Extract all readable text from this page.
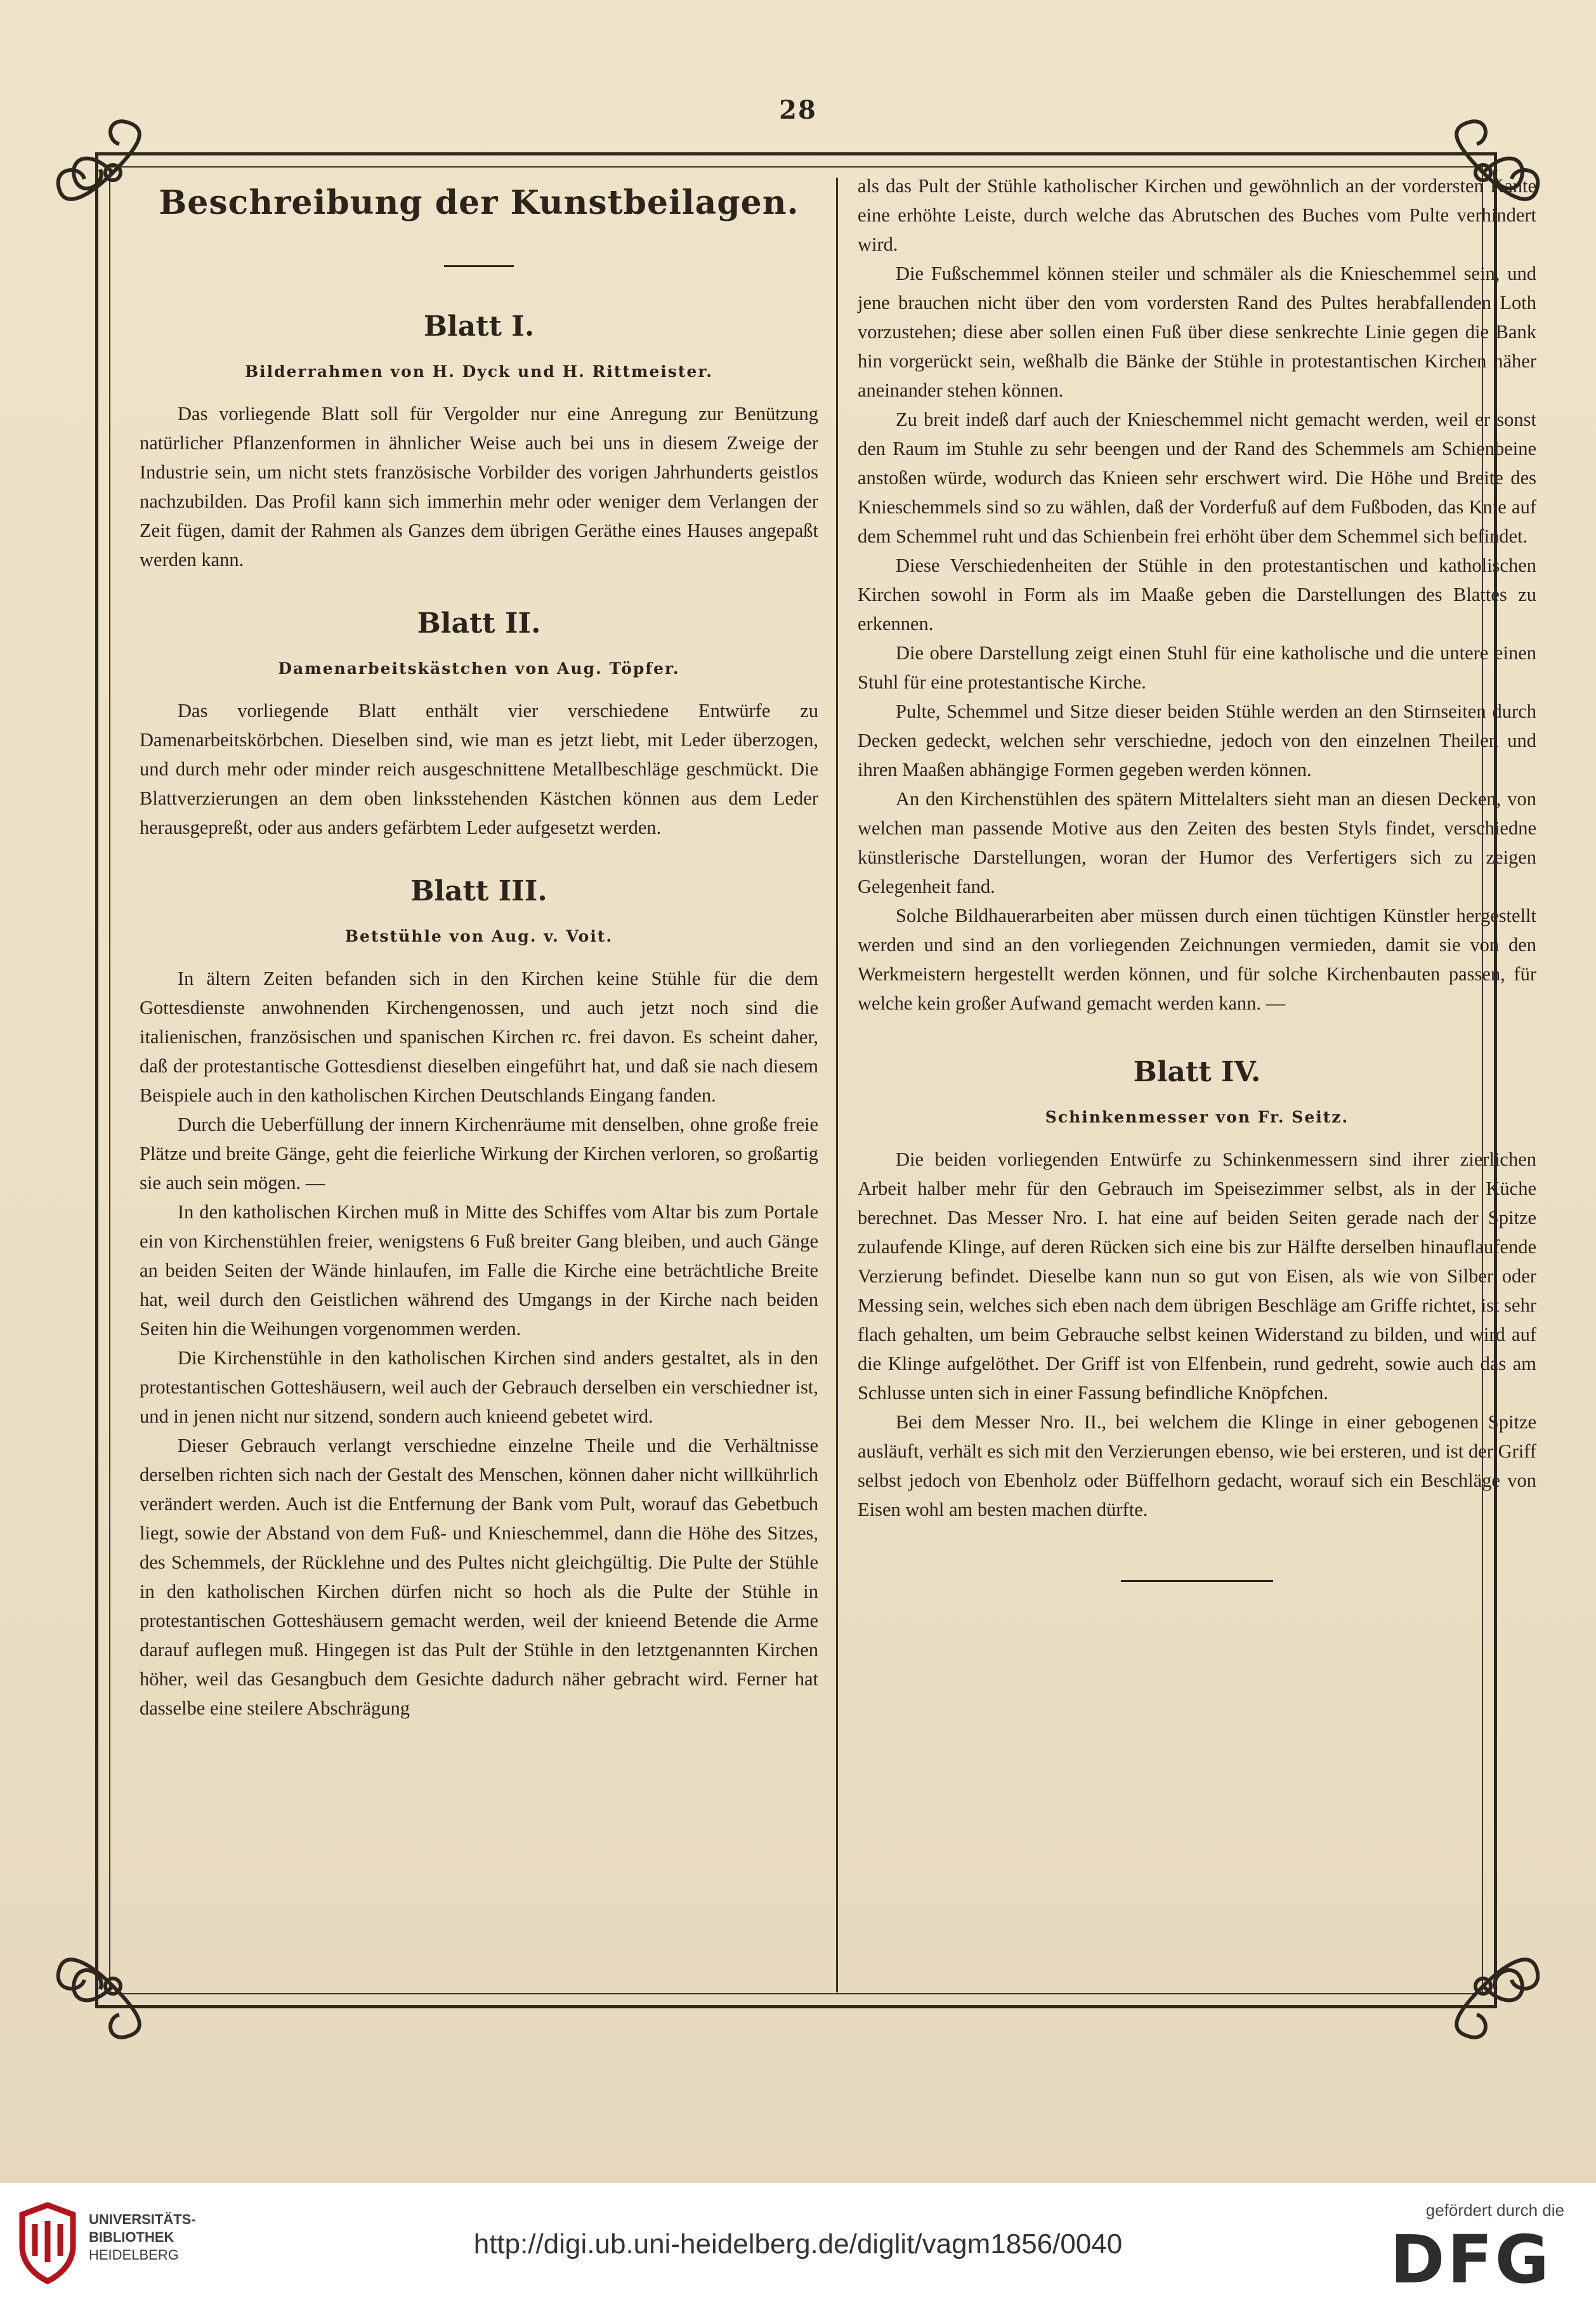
28
Beschreibung der Kunstbeilagen.
Blatt I.
Bilderrahmen von H. Dyck und H. Rittmeister.

Das vorliegende Blatt soll für Vergolder nur eine Anregung zur Benützung natürlicher Pflanzenformen in ähnlicher Weise auch bei uns in diesem Zweige der Industrie sein, um nicht stets französische Vorbilder des vorigen Jahrhunderts geistlos nachzubilden. Das Profil kann sich immerhin mehr oder weniger dem Verlangen der Zeit fügen, damit der Rahmen als Ganzes dem übrigen Geräthe eines Hauses angepaßt werden kann.

Blatt II.
Damenarbeitskästchen von Aug. Töpfer.

Das vorliegende Blatt enthält vier verschiedene Entwürfe zu Damenarbeitskörbchen. Dieselben sind, wie man es jetzt liebt, mit Leder überzogen, und durch mehr oder minder reich ausgeschnittene Metallbeschläge geschmückt. Die Blattverzierungen an dem oben linksstehenden Kästchen können aus dem Leder herausgepreßt, oder aus anders gefärbtem Leder aufgesetzt werden.

Blatt III.
Betstühle von Aug. v. Voit.

In ältern Zeiten befanden sich in den Kirchen keine Stühle für die dem Gottesdienste anwohnenden Kirchengenossen, und auch jetzt noch sind die italienischen, französischen und spanischen Kirchen rc. frei davon. Es scheint daher, daß der protestantische Gottesdienst dieselben eingeführt hat, und daß sie nach diesem Beispiele auch in den katholischen Kirchen Deutschlands Eingang fanden.

Durch die Ueberfüllung der innern Kirchenräume mit denselben, ohne große freie Plätze und breite Gänge, geht die feierliche Wirkung der Kirchen verloren, so großartig sie auch sein mögen. —

In den katholischen Kirchen muß in Mitte des Schiffes vom Altar bis zum Portale ein von Kirchenstühlen freier, wenigstens 6 Fuß breiter Gang bleiben, und auch Gänge an beiden Seiten der Wände hinlaufen, im Falle die Kirche eine beträchtliche Breite hat, weil durch den Geistlichen während des Umgangs in der Kirche nach beiden Seiten hin die Weihungen vorgenommen werden.

Die Kirchenstühle in den katholischen Kirchen sind anders gestaltet, als in den protestantischen Gotteshäusern, weil auch der Gebrauch derselben ein verschiedner ist, und in jenen nicht nur sitzend, sondern auch knieend gebetet wird.

Dieser Gebrauch verlangt verschiedne einzelne Theile und die Verhältnisse derselben richten sich nach der Gestalt des Menschen, können daher nicht willkührlich verändert werden. Auch ist die Entfernung der Bank vom Pult, worauf das Gebetbuch liegt, sowie der Abstand von dem Fuß- und Knieschemmel, dann die Höhe des Sitzes, des Schemmels, der Rücklehne und des Pultes nicht gleichgültig. Die Pulte der Stühle in den katholischen Kirchen dürfen nicht so hoch als die Pulte der Stühle in protestantischen Gotteshäusern gemacht werden, weil der knieend Betende die Arme darauf auflegen muß. Hingegen ist das Pult der Stühle in den letztgenannten Kirchen höher, weil das Gesangbuch dem Gesichte dadurch näher gebracht wird. Ferner hat dasselbe eine steilere Abschrägung

als das Pult der Stühle katholischer Kirchen und gewöhnlich an der vordersten Kante eine erhöhte Leiste, durch welche das Abrutschen des Buches vom Pulte verhindert wird.

Die Fußschemmel können steiler und schmäler als die Knieschemmel sein, und jene brauchen nicht über den vom vordersten Rand des Pultes herabfallenden Loth vorzustehen; diese aber sollen einen Fuß über diese senkrechte Linie gegen die Bank hin vorgerückt sein, weßhalb die Bänke der Stühle in protestantischen Kirchen näher aneinander stehen können.

Zu breit indeß darf auch der Knieschemmel nicht gemacht werden, weil er sonst den Raum im Stuhle zu sehr beengen und der Rand des Schemmels am Schienbeine anstoßen würde, wodurch das Knieen sehr erschwert wird. Die Höhe und Breite des Knieschemmels sind so zu wählen, daß der Vorderfuß auf dem Fußboden, das Knie auf dem Schemmel ruht und das Schienbein frei erhöht über dem Schemmel sich befindet.

Diese Verschiedenheiten der Stühle in den protestantischen und katholischen Kirchen sowohl in Form als im Maaße geben die Darstellungen des Blattes zu erkennen.

Die obere Darstellung zeigt einen Stuhl für eine katholische und die untere einen Stuhl für eine protestantische Kirche.

Pulte, Schemmel und Sitze dieser beiden Stühle werden an den Stirnseiten durch Decken gedeckt, welchen sehr verschiedne, jedoch von den einzelnen Theilen und ihren Maaßen abhängige Formen gegeben werden können.

An den Kirchenstühlen des spätern Mittelalters sieht man an diesen Decken, von welchen man passende Motive aus den Zeiten des besten Styls findet, verschiedne künstlerische Darstellungen, woran der Humor des Verfertigers sich zu zeigen Gelegenheit fand.

Solche Bildhauerarbeiten aber müssen durch einen tüchtigen Künstler hergestellt werden und sind an den vorliegenden Zeichnungen vermieden, damit sie von den Werkmeistern hergestellt werden können, und für solche Kirchenbauten passen, für welche kein großer Aufwand gemacht werden kann. —

Blatt IV.
Schinkenmesser von Fr. Seitz.

Die beiden vorliegenden Entwürfe zu Schinkenmessern sind ihrer zierlichen Arbeit halber mehr für den Gebrauch im Speisezimmer selbst, als in der Küche berechnet. Das Messer Nro. I. hat eine auf beiden Seiten gerade nach der Spitze zulaufende Klinge, auf deren Rücken sich eine bis zur Hälfte derselben hinauflaufende Verzierung befindet. Dieselbe kann nun so gut von Eisen, als wie von Silber oder Messing sein, welches sich eben nach dem übrigen Beschläge am Griffe richtet, ist sehr flach gehalten, um beim Gebrauche selbst keinen Widerstand zu bilden, und wird auf die Klinge aufgelöthet. Der Griff ist von Elfenbein, rund gedreht, sowie auch das am Schlusse unten sich in einer Fassung befindliche Knöpfchen.

Bei dem Messer Nro. II., bei welchem die Klinge in einer gebogenen Spitze ausläuft, verhält es sich mit den Verzierungen ebenso, wie bei ersteren, und ist der Griff selbst jedoch von Ebenholz oder Büffelhorn gedacht, worauf sich ein Beschläge von Eisen wohl am besten machen dürfte.

UNIVERSITÄTS-
BIBLIOTHEK
HEIDELBERG	http://digi.ub.uni-heidelberg.de/diglit/vagm1856/0040
gefördert durch die
DFG
